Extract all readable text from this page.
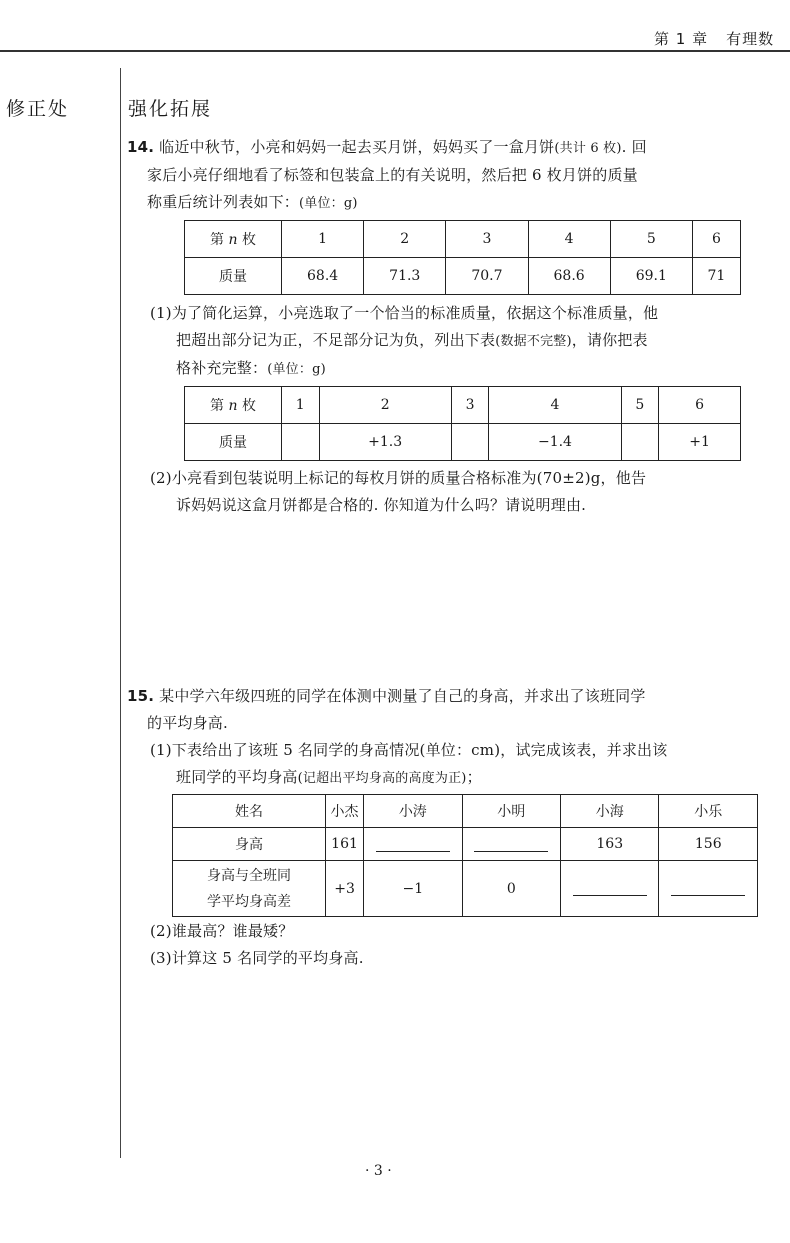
第 1 章 有理数
修正处	强化拓展

14. 临近中秋节，小亮和妈妈一起去买月饼，妈妈买了一盒月饼(共计 6 枚). 回

家后小亮仔细地看了标签和包装盒上的有关说明，然后把 6 枚月饼的质量

称重后统计列表如下：(单位：g)

第 n 枚	1	2	3	4	5	6
质量	68.4	71.3	70.7	68.6	69.1	71

(1)为了简化运算，小亮选取了一个恰当的标准质量，依据这个标准质量，他

把超出部分记为正，不足部分记为负，列出下表(数据不完整)，请你把表

格补充完整：(单位：g)

第 n 枚	1	2	3	4	5	6
质量		+1.3		−1.4		+1

(2)小亮看到包装说明上标记的每枚月饼的质量合格标准为(70±2)g，他告

诉妈妈说这盒月饼都是合格的. 你知道为什么吗？请说明理由.

15. 某中学六年级四班的同学在体测中测量了自己的身高，并求出了该班同学

的平均身高.

(1)下表给出了该班 5 名同学的身高情况(单位：cm)，试完成该表，并求出该

班同学的平均身高(记超出平均身高的高度为正)；

姓名	小杰	小涛	小明	小海	小乐
身高	161			163	156

身高与全班同
学平均身高差	+3	−1	0		

(2)谁最高？谁最矮？

(3)计算这 5 名同学的平均身高.

· 3 ·
